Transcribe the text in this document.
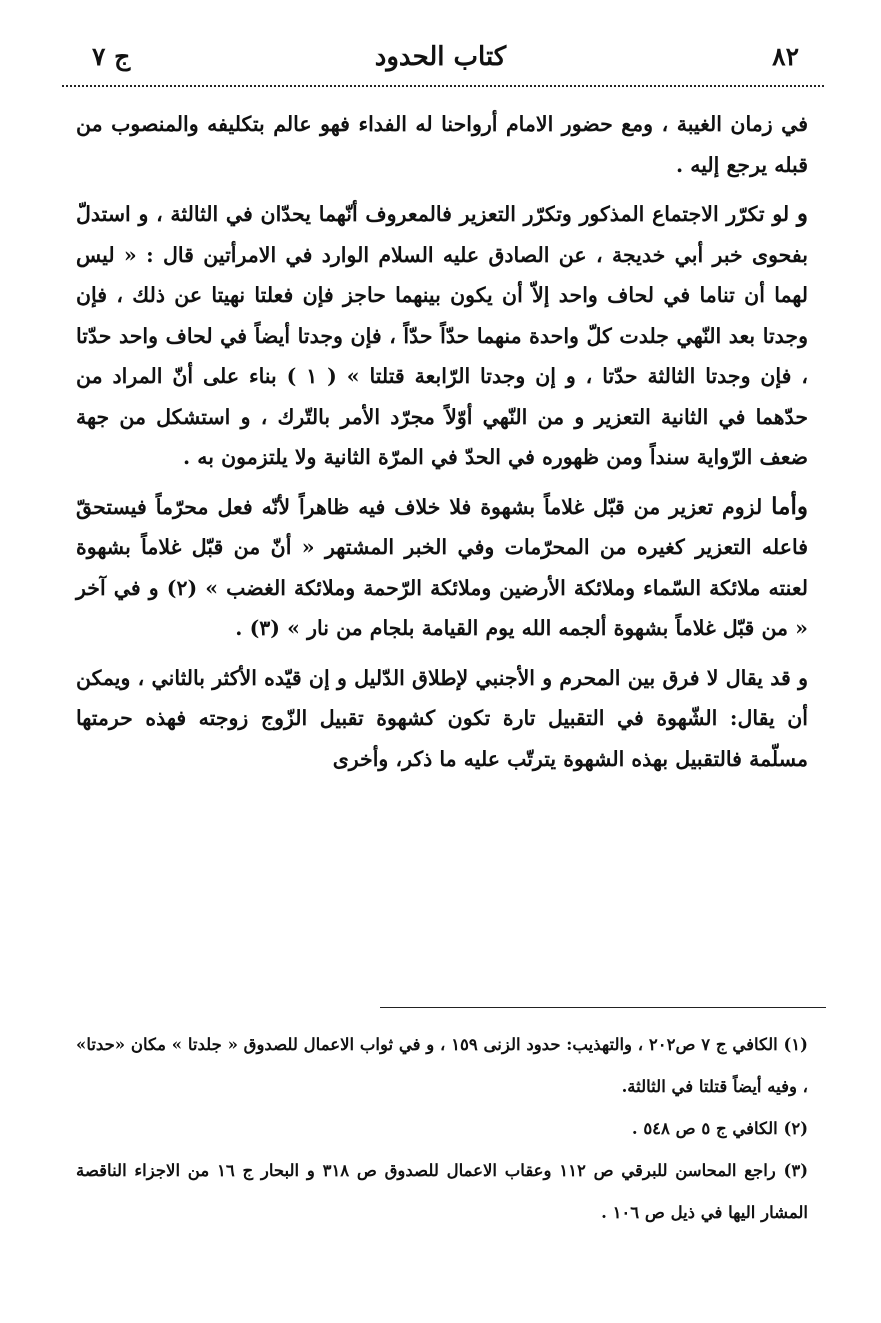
٨٢
كتاب الحدود
ج ٧

في زمان الغيبة ، ومع حضور الامام أرواحنا له الفداء فهو عالم بتكليفه والمنصوب من قبله يرجع إليه .

و لو تكرّر الاجتماع المذكور وتكرّر التعزير فالمعروف أنّهما يحدّان في الثالثة ، و استدلّ بفحوى خبر أبي خديجة ، عن الصادق عليه السلام الوارد في الامرأتين قال : « ليس لهما أن تناما في لحاف واحد إلاّ أن يكون بينهما حاجز فإن فعلتا نهيتا عن ذلك ، فإن وجدتا بعد النّهي جلدت كلّ واحدة منهما حدّاً حدّاً ، فإن وجدتا أيضاً في لحاف واحد حدّتا ، فإن وجدتا الثالثة حدّتا ، و إن وجدتا الرّابعة قتلتا » ( ١ ) بناء على أنّ المراد من حدّهما في الثانية التعزير و من النّهي أوّلاً مجرّد الأمر بالتّرك ، و استشكل من جهة ضعف الرّواية سنداً ومن ظهوره في الحدّ في المرّة الثانية ولا يلتزمون به .

وأما لزوم تعزير من قبّل غلاماً بشهوة فلا خلاف فيه ظاهراً لأنّه فعل محرّماً فيستحقّ فاعله التعزير كغيره من المحرّمات وفي الخبر المشتهر « أنّ من قبّل غلاماً بشهوة لعنته ملائكة السّماء وملائكة الأرضين وملائكة الرّحمة وملائكة الغضب » (٢) و في آخر « من قبّل غلاماً بشهوة ألجمه الله يوم القيامة بلجام من نار » (٣) .

و قد يقال لا فرق بين المحرم و الأجنبي لإطلاق الدّليل و إن قيّده الأكثر بالثاني ، ويمكن أن يقال: الشّهوة في التقبيل تارة تكون كشهوة تقبيل الزّوج زوجته فهذه حرمتها مسلّمة فالتقبيل بهذه الشهوة يترتّب عليه ما ذكر، وأخرى

(١) الكافي ج ٧ ص٢٠٢ ، والتهذيب: حدود الزنى ١٥٩ ، و في ثواب الاعمال للصدوق « جلدتا » مكان «حدتا» ، وفيه أيضاً قتلتا في الثالثة.

(٢) الكافي ج ٥ ص ٥٤٨ .

(٣) راجع المحاسن للبرقي ص ١١٢ وعقاب الاعمال للصدوق ص ٣١٨ و البحار ج ١٦ من الاجزاء الناقصة المشار اليها في ذيل ص ١٠٦ .
